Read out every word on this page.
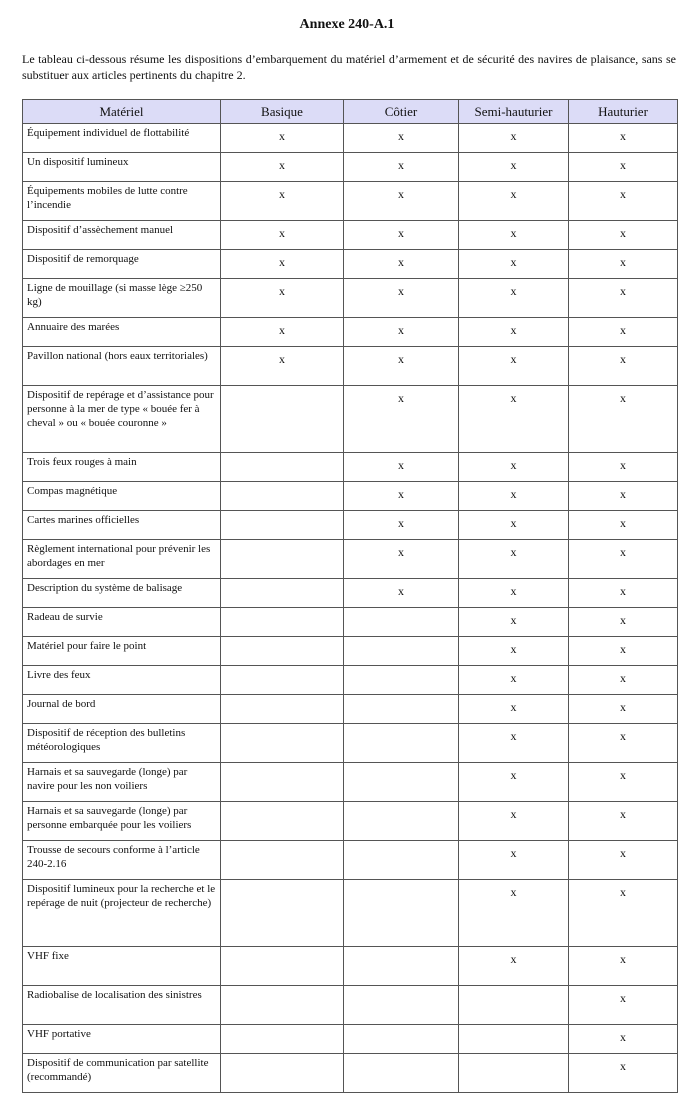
Annexe 240-A.1

Le tableau ci-dessous résume les dispositions d’embarquement du matériel d’armement et de sécurité des navires de plaisance, sans se substituer aux articles pertinents du chapitre 2.

Matériel	Basique	Côtier	Semi-hauturier	Hauturier
Équipement individuel de flottabilité	x	x	x	x
Un dispositif lumineux	x	x	x	x
Équipements mobiles de lutte contre l’incendie	x	x	x	x
Dispositif d’assèchement manuel	x	x	x	x
Dispositif de remorquage	x	x	x	x
Ligne de mouillage (si masse lège ≥250 kg)	x	x	x	x
Annuaire des marées	x	x	x	x
Pavillon national (hors eaux territoriales)	x	x	x	x
Dispositif de repérage et d’assistance pour personne à la mer de type « bouée fer à cheval » ou « bouée couronne »		x	x	x
Trois feux rouges à main		x	x	x
Compas magnétique		x	x	x
Cartes marines officielles		x	x	x
Règlement international pour prévenir les abordages en mer		x	x	x
Description du système de balisage		x	x	x
Radeau de survie			x	x
Matériel pour faire le point			x	x
Livre des feux			x	x
Journal de bord			x	x
Dispositif de réception des bulletins météorologiques			x	x
Harnais et sa sauvegarde (longe) par navire pour les non voiliers			x	x
Harnais et sa sauvegarde (longe) par personne embarquée pour les voiliers			x	x
Trousse de secours conforme à l’article 240-2.16			x	x
Dispositif lumineux pour la recherche et le repérage de nuit (projecteur de recherche)			x	x
VHF fixe			x	x
Radiobalise de localisation des sinistres				x
VHF portative				x
Dispositif de communication par satellite (recommandé)				x
